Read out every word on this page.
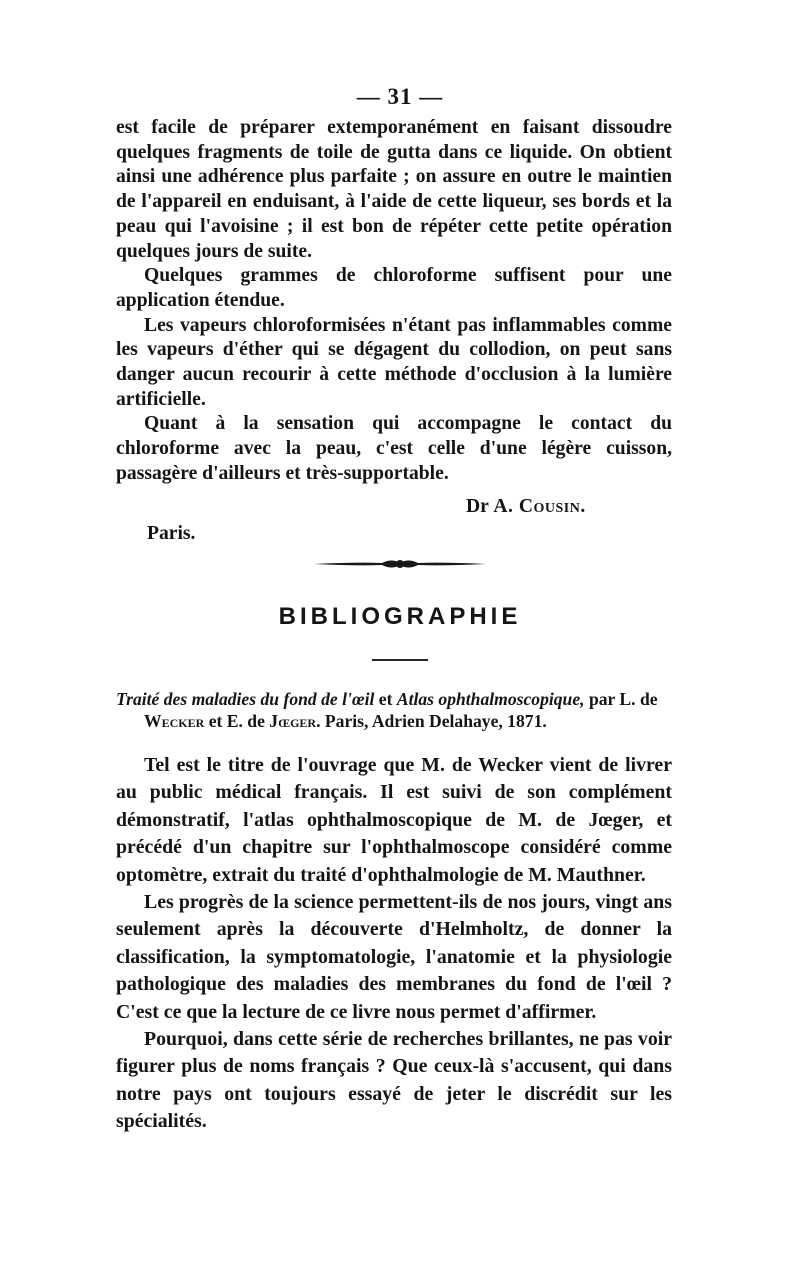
— 31 —

est facile de préparer extemporanément en faisant dissoudre quelques fragments de toile de gutta dans ce liquide. On obtient ainsi une adhérence plus parfaite ; on assure en outre le maintien de l'appareil en enduisant, à l'aide de cette liqueur, ses bords et la peau qui l'avoisine ; il est bon de répéter cette petite opération quelques jours de suite.

Quelques grammes de chloroforme suffisent pour une application étendue.

Les vapeurs chloroformisées n'étant pas inflammables comme les vapeurs d'éther qui se dégagent du collodion, on peut sans danger aucun recourir à cette méthode d'occlusion à la lumière artificielle.

Quant à la sensation qui accompagne le contact du chloroforme avec la peau, c'est celle d'une légère cuisson, passagère d'ailleurs et très-supportable.

Dr A. Cousin.
Paris.
BIBLIOGRAPHIE
Traité des maladies du fond de l'œil et Atlas ophthalmoscopique, par L. de Wecker et E. de Jœger. Paris, Adrien Delahaye, 1871.

Tel est le titre de l'ouvrage que M. de Wecker vient de livrer au public médical français. Il est suivi de son complément démonstratif, l'atlas ophthalmoscopique de M. de Jœger, et précédé d'un chapitre sur l'ophthalmoscope considéré comme optomètre, extrait du traité d'ophthalmologie de M. Mauthner.

Les progrès de la science permettent-ils de nos jours, vingt ans seulement après la découverte d'Helmholtz, de donner la classification, la symptomatologie, l'anatomie et la physiologie pathologique des maladies des membranes du fond de l'œil ? C'est ce que la lecture de ce livre nous permet d'affirmer.

Pourquoi, dans cette série de recherches brillantes, ne pas voir figurer plus de noms français ? Que ceux-là s'accusent, qui dans notre pays ont toujours essayé de jeter le discrédit sur les spécialités.
